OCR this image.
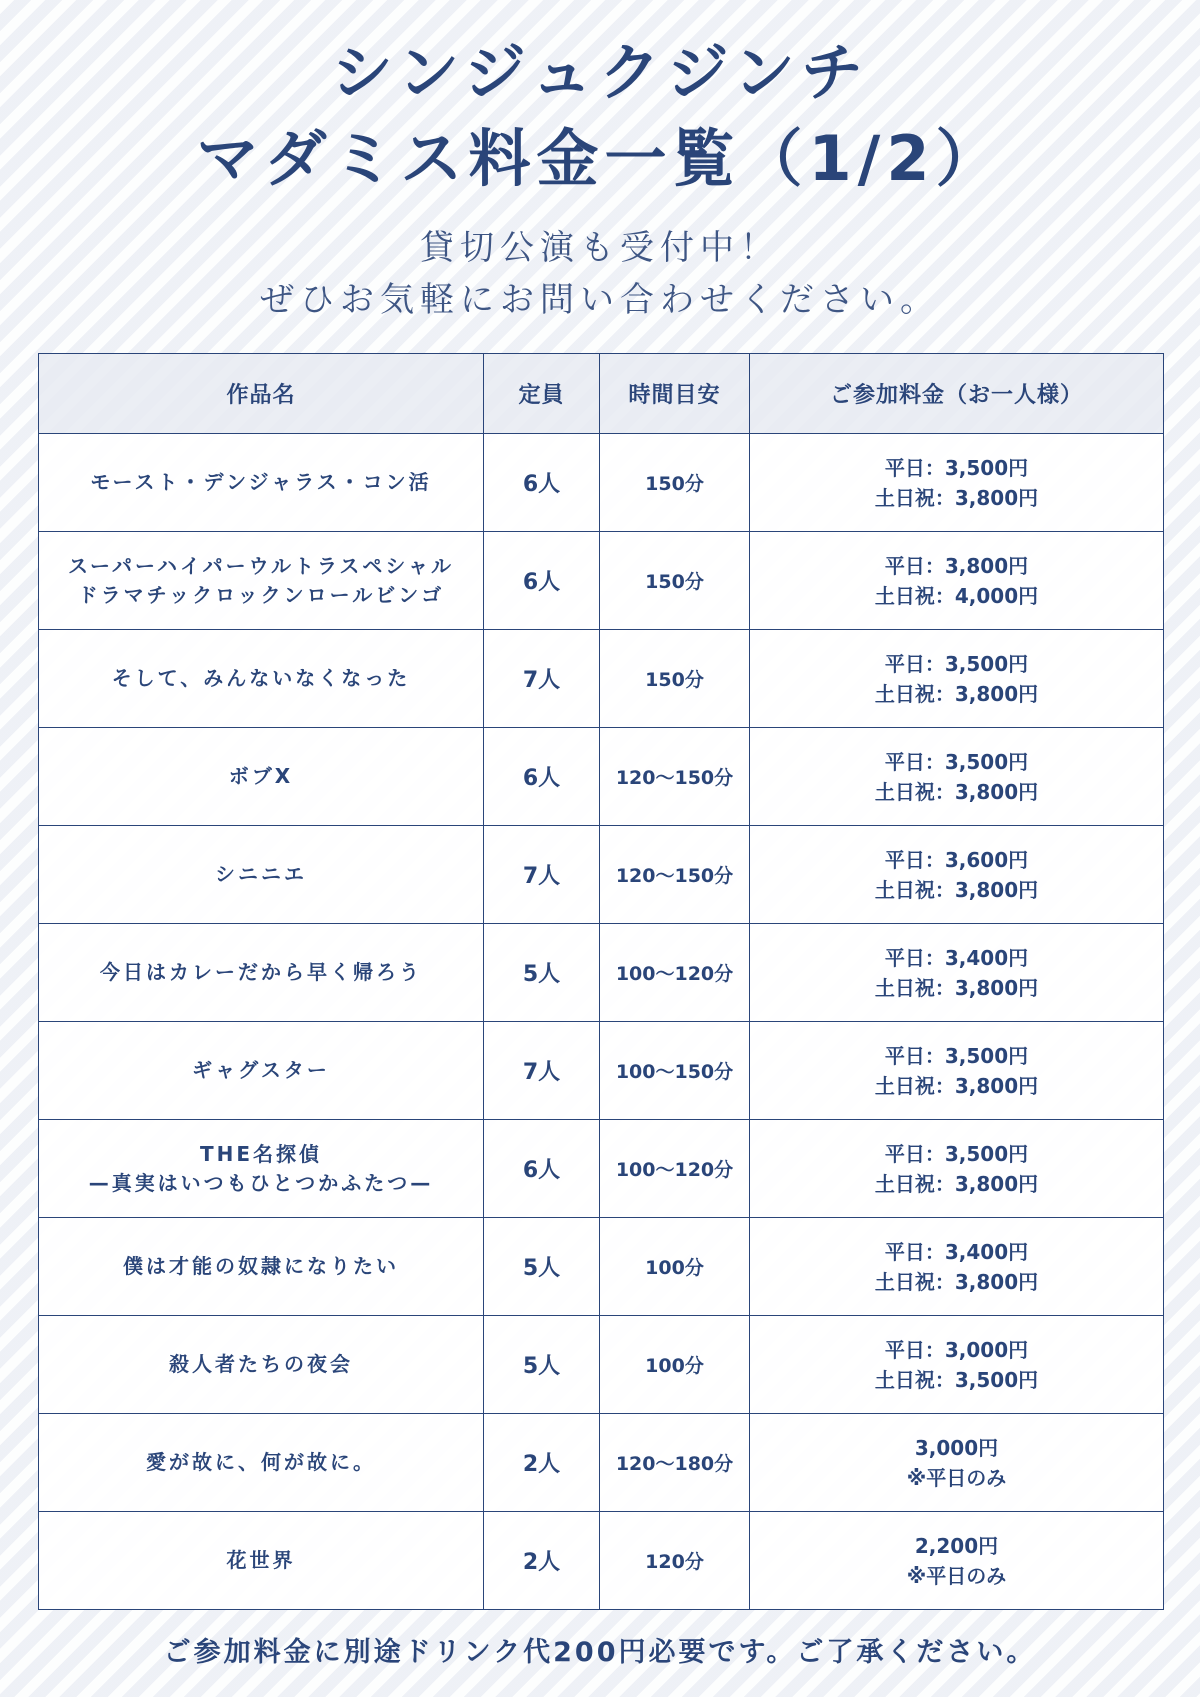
シンジュクジンチ
マダミス料金一覧（1/2）
貸切公演も受付中！
ぜひお気軽にお問い合わせください。
作品名	定員	時間目安	ご参加料金（お一人様）
モースト・デンジャラス・コン活	6人	150分	平日：3,500円
土日祝：3,800円

スーパーハイパーウルトラスペシャル
ドラマチックロックンロールビンゴ	6人	150分	平日：3,800円
土日祝：4,000円

そして、みんないなくなった	7人	150分	平日：3,500円
土日祝：3,800円

ボブX	6人	120〜150分	平日：3,500円
土日祝：3,800円

シニニエ	7人	120〜150分	平日：3,600円
土日祝：3,800円

今日はカレーだから早く帰ろう	5人	100〜120分	平日：3,400円
土日祝：3,800円

ギャグスター	7人	100〜150分	平日：3,500円
土日祝：3,800円

THE名探偵
—真実はいつもひとつかふたつ—	6人	100〜120分	平日：3,500円
土日祝：3,800円

僕は才能の奴隷になりたい	5人	100分	平日：3,400円
土日祝：3,800円

殺人者たちの夜会	5人	100分	平日：3,000円
土日祝：3,500円

愛が故に、何が故に。	2人	120〜180分	3,000円
※平日のみ

花世界	2人	120分	2,200円
※平日のみ
ご参加料金に別途ドリンク代200円必要です。ご了承ください。
